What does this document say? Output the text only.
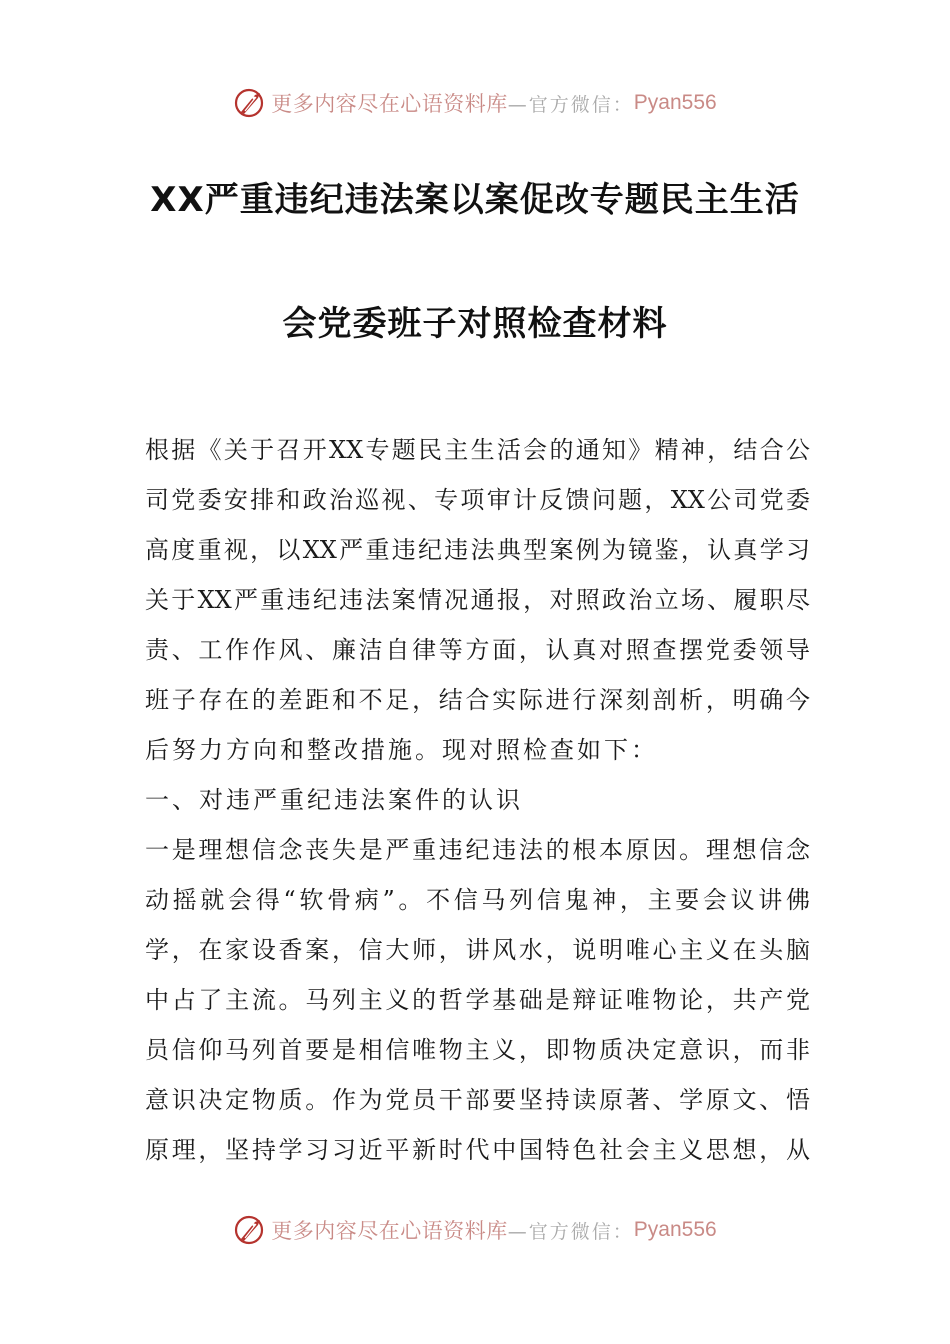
更多内容尽在心语资料库 —官方微信： Pyan556
XX严重违纪违法案以案促改专题民主生活
会党委班子对照检查材料
根据《关于召开XX专题民主生活会的通知》精神，结合公
司党委安排和政治巡视、专项审计反馈问题，XX公司党委
高度重视，以XX严重违纪违法典型案例为镜鉴，认真学习
关于XX严重违纪违法案情况通报，对照政治立场、履职尽
责、工作作风、廉洁自律等方面，认真对照查摆党委领导
班子存在的差距和不足，结合实际进行深刻剖析，明确今
后努力方向和整改措施。现对照检查如下：
一、对违严重纪违法案件的认识
一是理想信念丧失是严重违纪违法的根本原因。理想信念
动摇就会得“软骨病”。不信马列信鬼神，主要会议讲佛
学，在家设香案，信大师，讲风水，说明唯心主义在头脑
中占了主流。马列主义的哲学基础是辩证唯物论，共产党
员信仰马列首要是相信唯物主义，即物质决定意识，而非
意识决定物质。作为党员干部要坚持读原著、学原文、悟
原理，坚持学习习近平新时代中国特色社会主义思想，从
更多内容尽在心语资料库 —官方微信： Pyan556
